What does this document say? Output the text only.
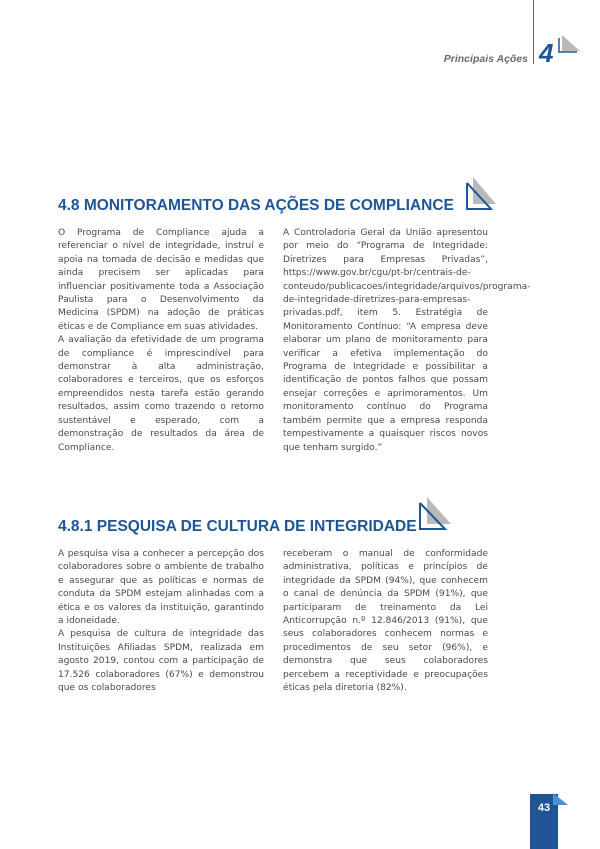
Principais Ações 4
4.8 MONITORAMENTO DAS AÇÕES DE COMPLIANCE

O Programa de Compliance ajuda a referenciar o nível de integridade, instruí e apoia na tomada de decisão e medidas que ainda precisem ser aplicadas para influenciar positivamente toda a Associação Paulista para o Desenvolvimento da Medicina (SPDM) na adoção de práticas éticas e de Compliance em suas atividades.

A avaliação da efetividade de um programa de compliance é imprescindível para demonstrar à alta administração, colaboradores e terceiros, que os esforços empreendidos nesta tarefa estão gerando resultados, assim como trazendo o retorno sustentável e esperado, com a demonstração de resultados da área de Compliance.

A Controladoria Geral da União apresentou por meio do “Programa de Integridade: Diretrizes para Empresas Privadas”, https://www.gov.br/cgu/pt-br/centrais-de-conteudo/publicacoes/integridade/arquivos/programa-de-integridade-diretrizes-para-empresas-privadas.pdf, item 5. Estratégia de Monitoramento Contínuo: “A empresa deve elaborar um plano de monitoramento para verificar a efetiva implementação do Programa de Integridade e possibilitar a identificação de pontos falhos que possam ensejar correções e aprimoramentos. Um monitoramento contínuo do Programa também permite que a empresa responda tempestivamente a quaisquer riscos novos que tenham surgido.”

4.8.1 PESQUISA DE CULTURA DE INTEGRIDADE

A pesquisa visa a conhecer a percepção dos colaboradores sobre o ambiente de trabalho e assegurar que as políticas e normas de conduta da SPDM estejam alinhadas com a ética e os valores da instituição, garantindo a idoneidade.

A pesquisa de cultura de integridade das Instituições Afiliadas SPDM, realizada em agosto 2019, contou com a participação de 17.526 colaboradores (67%) e demonstrou que os colaboradores

receberam o manual de conformidade administrativa, políticas e princípios de integridade da SPDM (94%), que conhecem o canal de denúncia da SPDM (91%), que participaram de treinamento da Lei Anticorrupção n.º 12.846/2013 (91%), que seus colaboradores conhecem normas e procedimentos de seu setor (96%), e demonstra que seus colaboradores percebem a receptividade e preocupações éticas pela diretoria (82%).

43
